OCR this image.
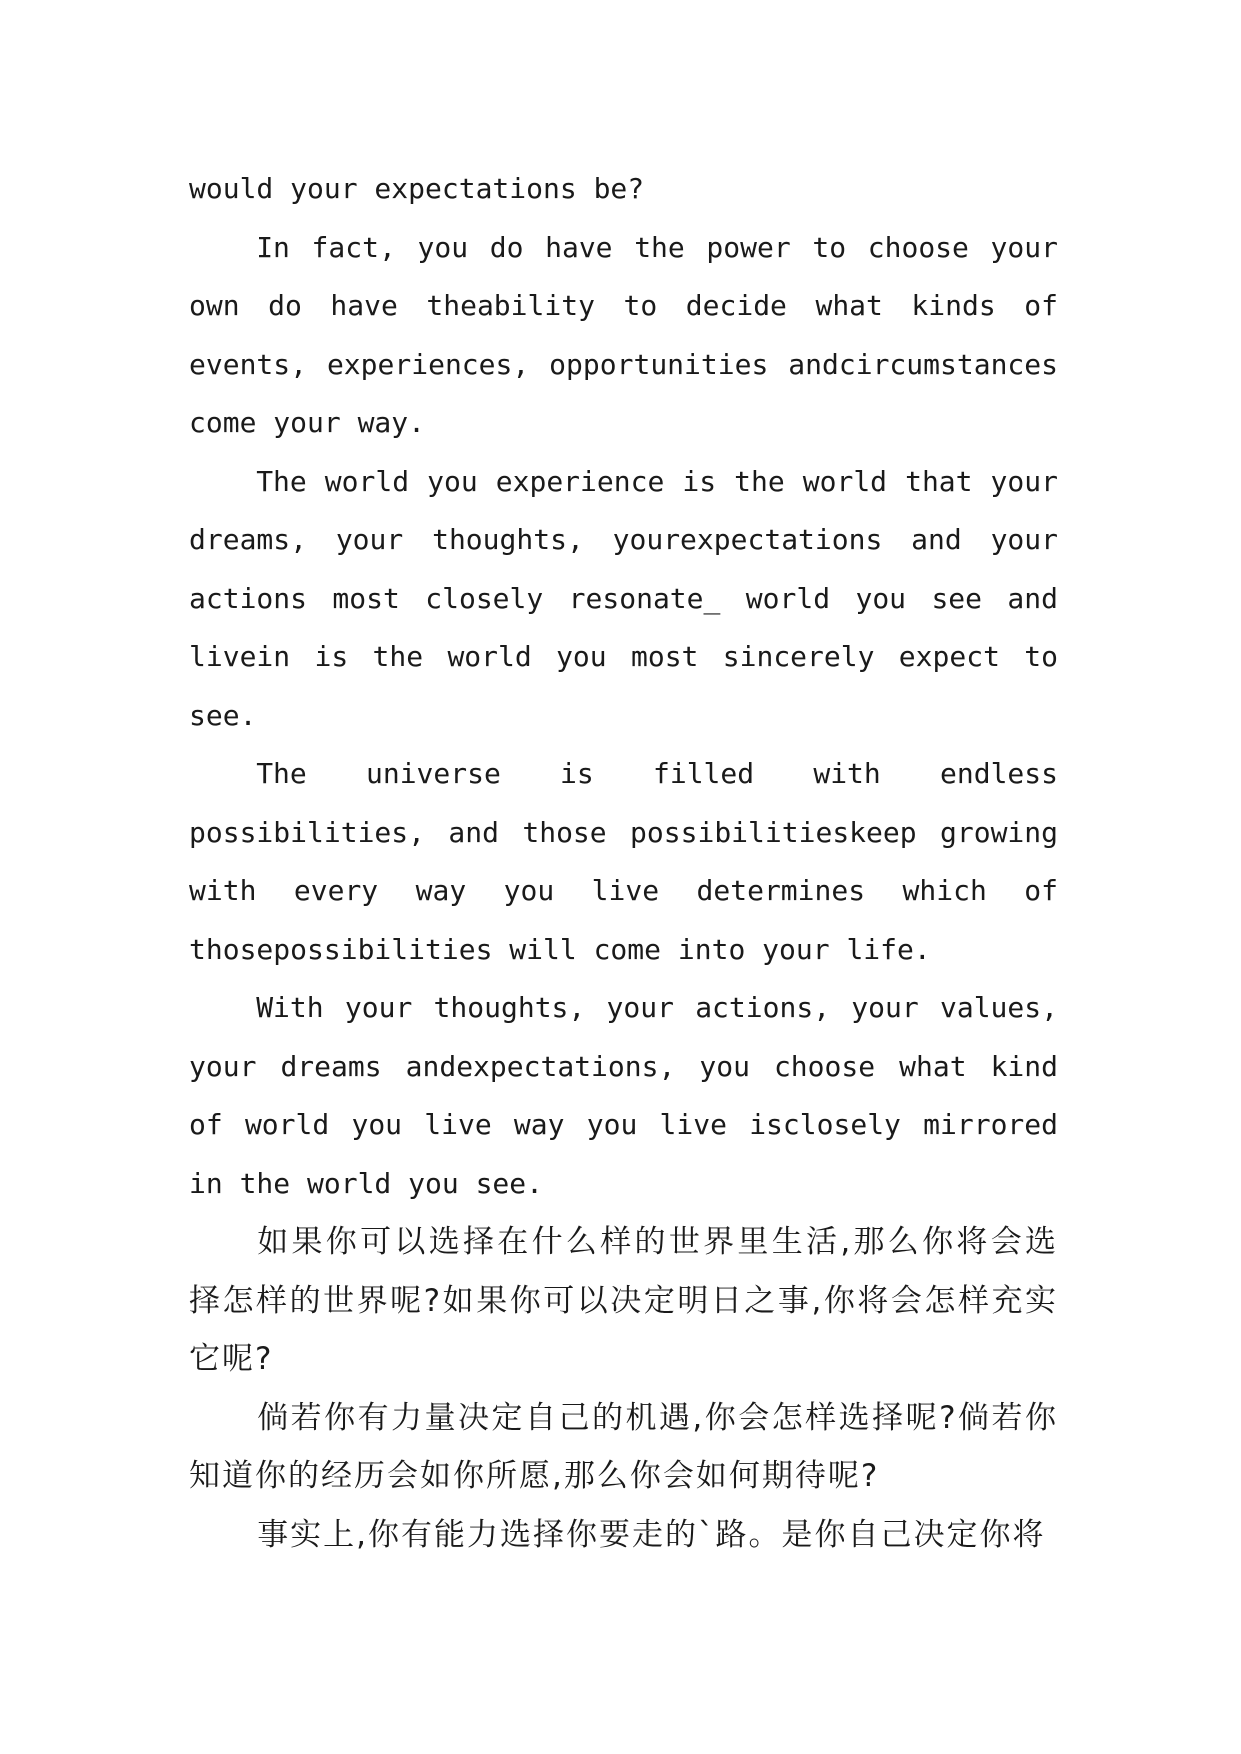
would your expectations be?

In fact, you do have the power to choose your own do have theability to decide what kinds of events, experiences, opportunities andcircumstances come your way.

The world you experience is the world that your dreams, your thoughts, yourexpectations and your actions most closely resonate_ world you see and livein is the world you most sincerely expect to see.

The universe is filled with endless possibilities, and those possibilitieskeep growing with every way you live determines which of thosepossibilities will come into your life.

With your thoughts, your actions, your values, your dreams andexpectations, you choose what kind of world you live way you live isclosely mirrored in the world you see.

如果你可以选择在什么样的世界里生活,那么你将会选择怎样的世界呢?如果你可以决定明日之事,你将会怎样充实它呢?

倘若你有力量决定自己的机遇,你会怎样选择呢?倘若你知道你的经历会如你所愿,那么你会如何期待呢?

事实上,你有能力选择你要走的`路。是你自己决定你将
